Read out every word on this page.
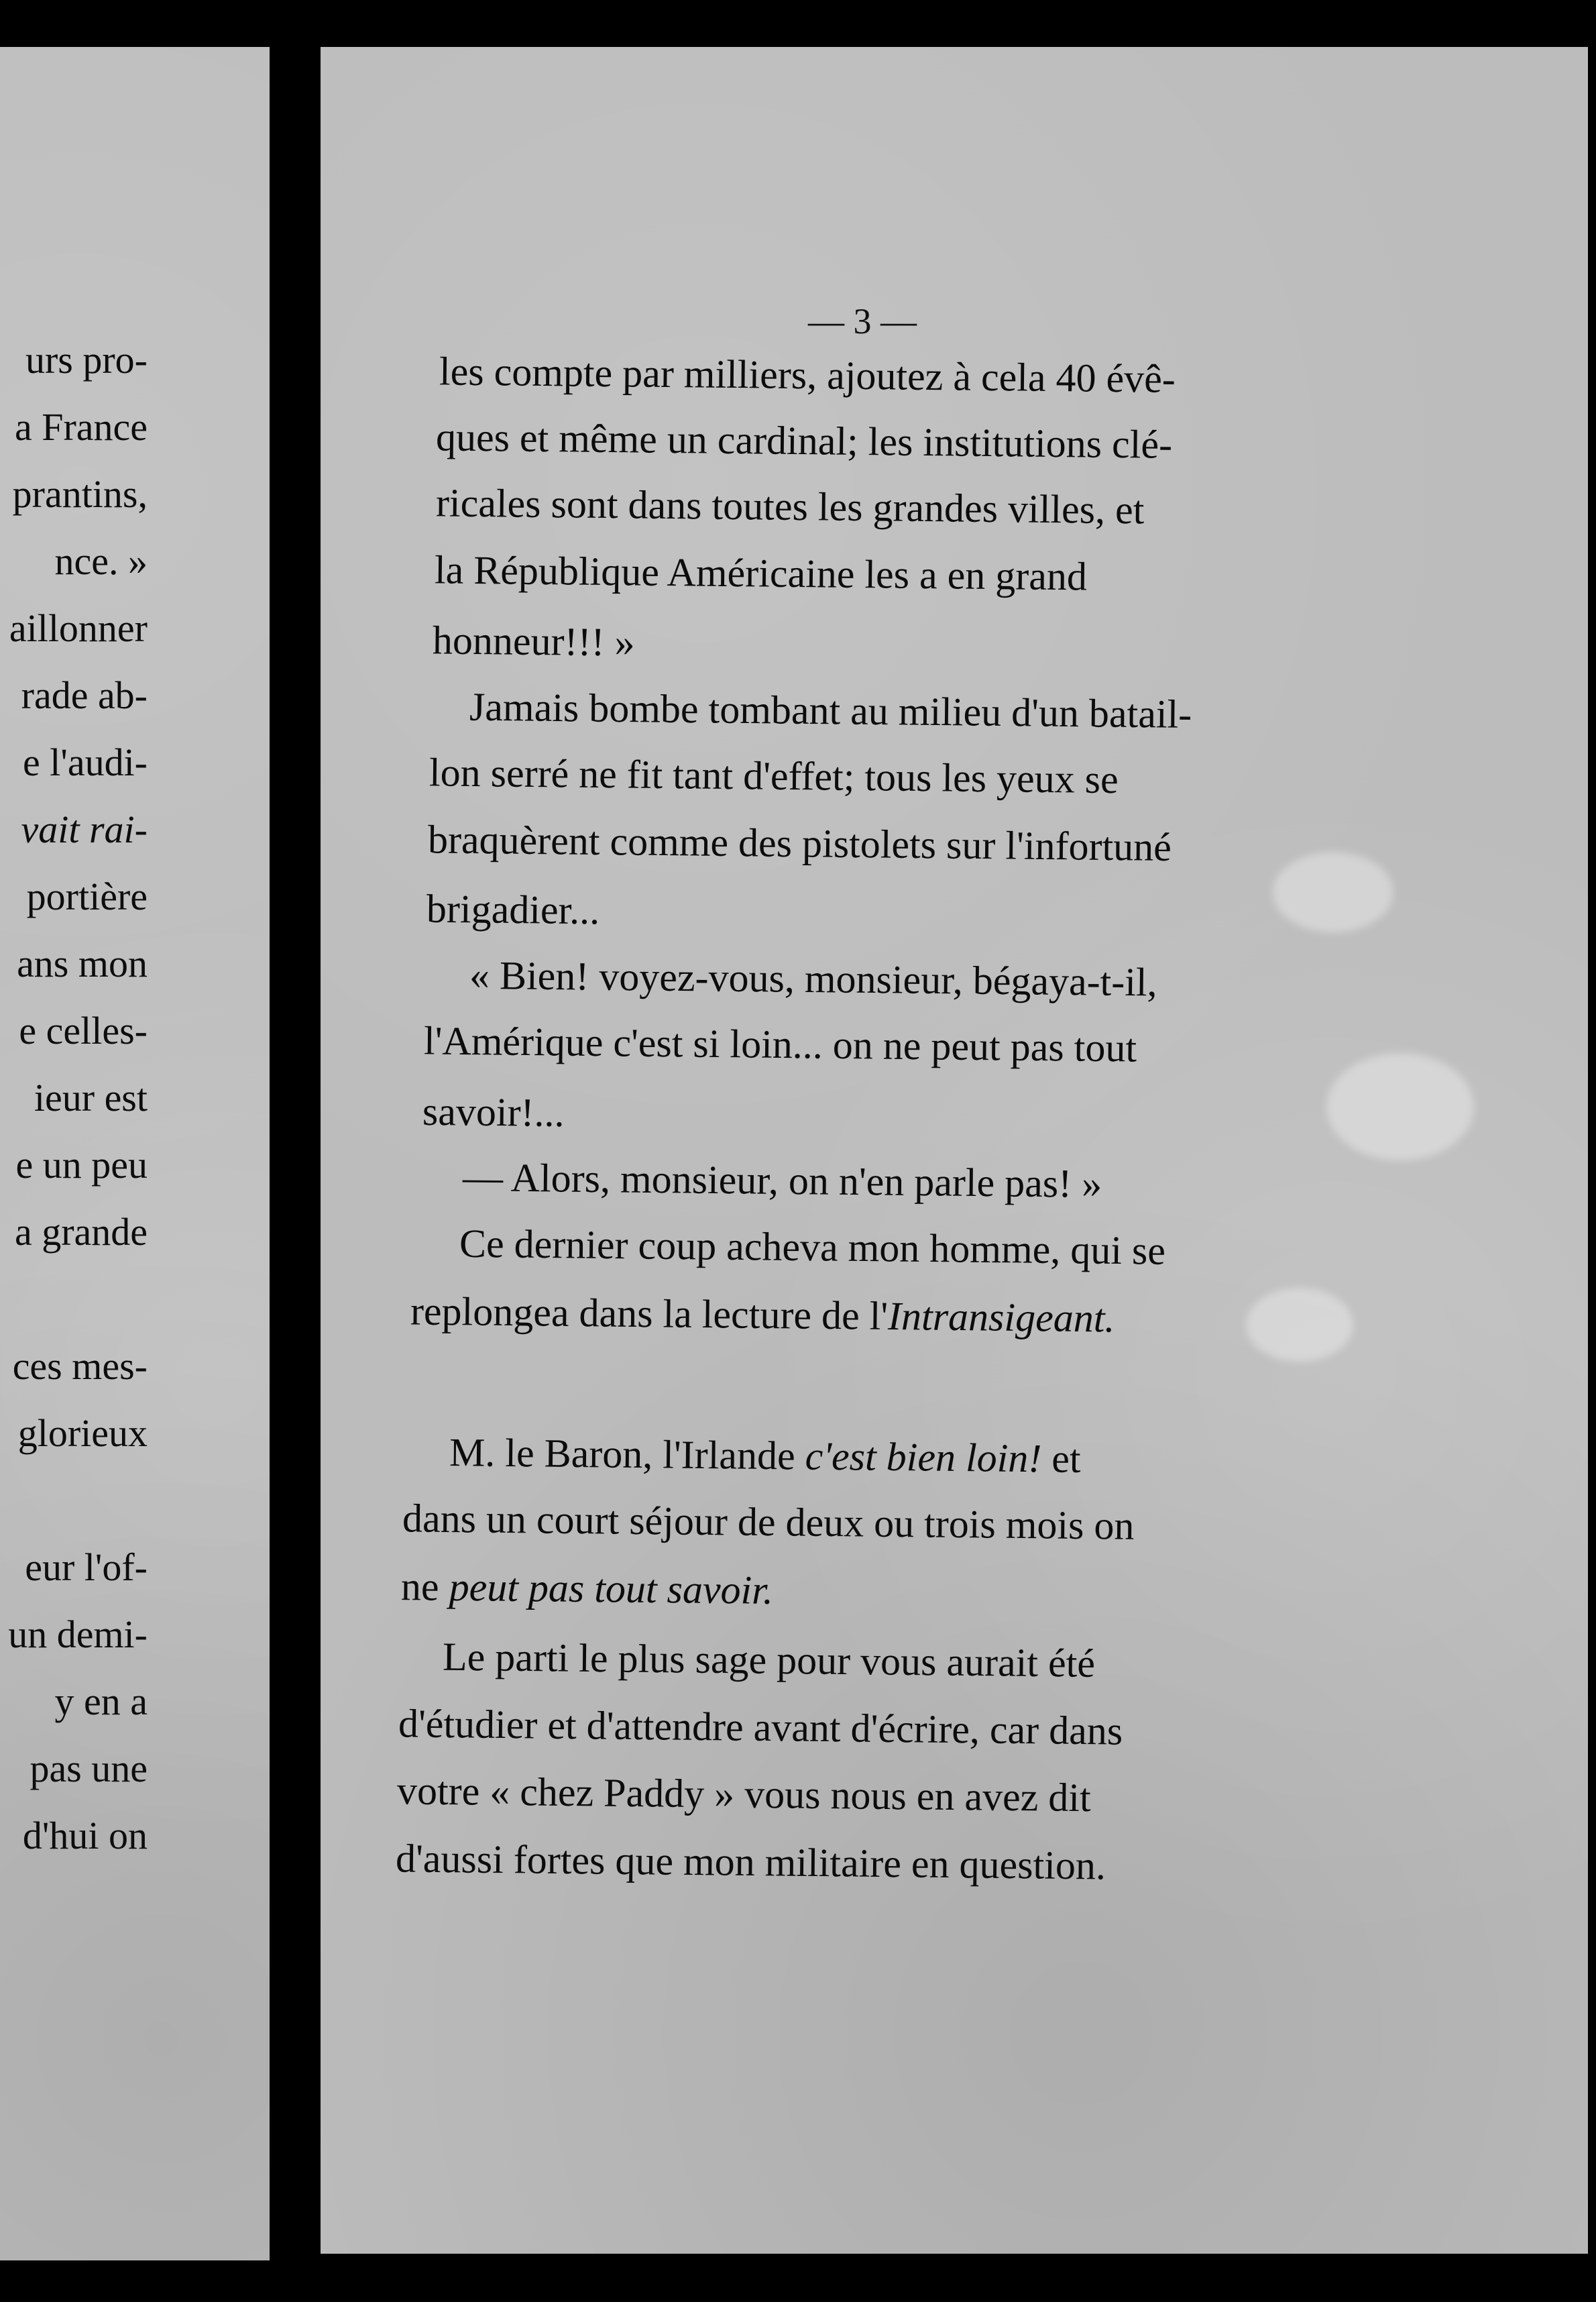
urs pro-
a France
prantins,
nce. »
aillonner
rade ab-
e l'audi-
vait rai-
portière
ans mon
e celles-
ieur est
e un peu
a grande
ces mes-
glorieux
eur l'of-
un demi-
y en a
pas une
d'hui on
— 3 —
les compte par milliers, ajoutez à cela 40 évê-
ques et même un cardinal; les institutions clé-
ricales sont dans toutes les grandes villes, et
la République Américaine les a en grand
honneur!!! »
Jamais bombe tombant au milieu d'un batail-
lon serré ne fit tant d'effet; tous les yeux se
braquèrent comme des pistolets sur l'infortuné
brigadier...
« Bien! voyez-vous, monsieur, bégaya-t-il,
l'Amérique c'est si loin... on ne peut pas tout
savoir!...
— Alors, monsieur, on n'en parle pas! »
Ce dernier coup acheva mon homme, qui se
replongea dans la lecture de l'Intransigeant.
M. le Baron, l'Irlande c'est bien loin! et
dans un court séjour de deux ou trois mois on
ne peut pas tout savoir.
Le parti le plus sage pour vous aurait été
d'étudier et d'attendre avant d'écrire, car dans
votre « chez Paddy » vous nous en avez dit
d'aussi fortes que mon militaire en question.
